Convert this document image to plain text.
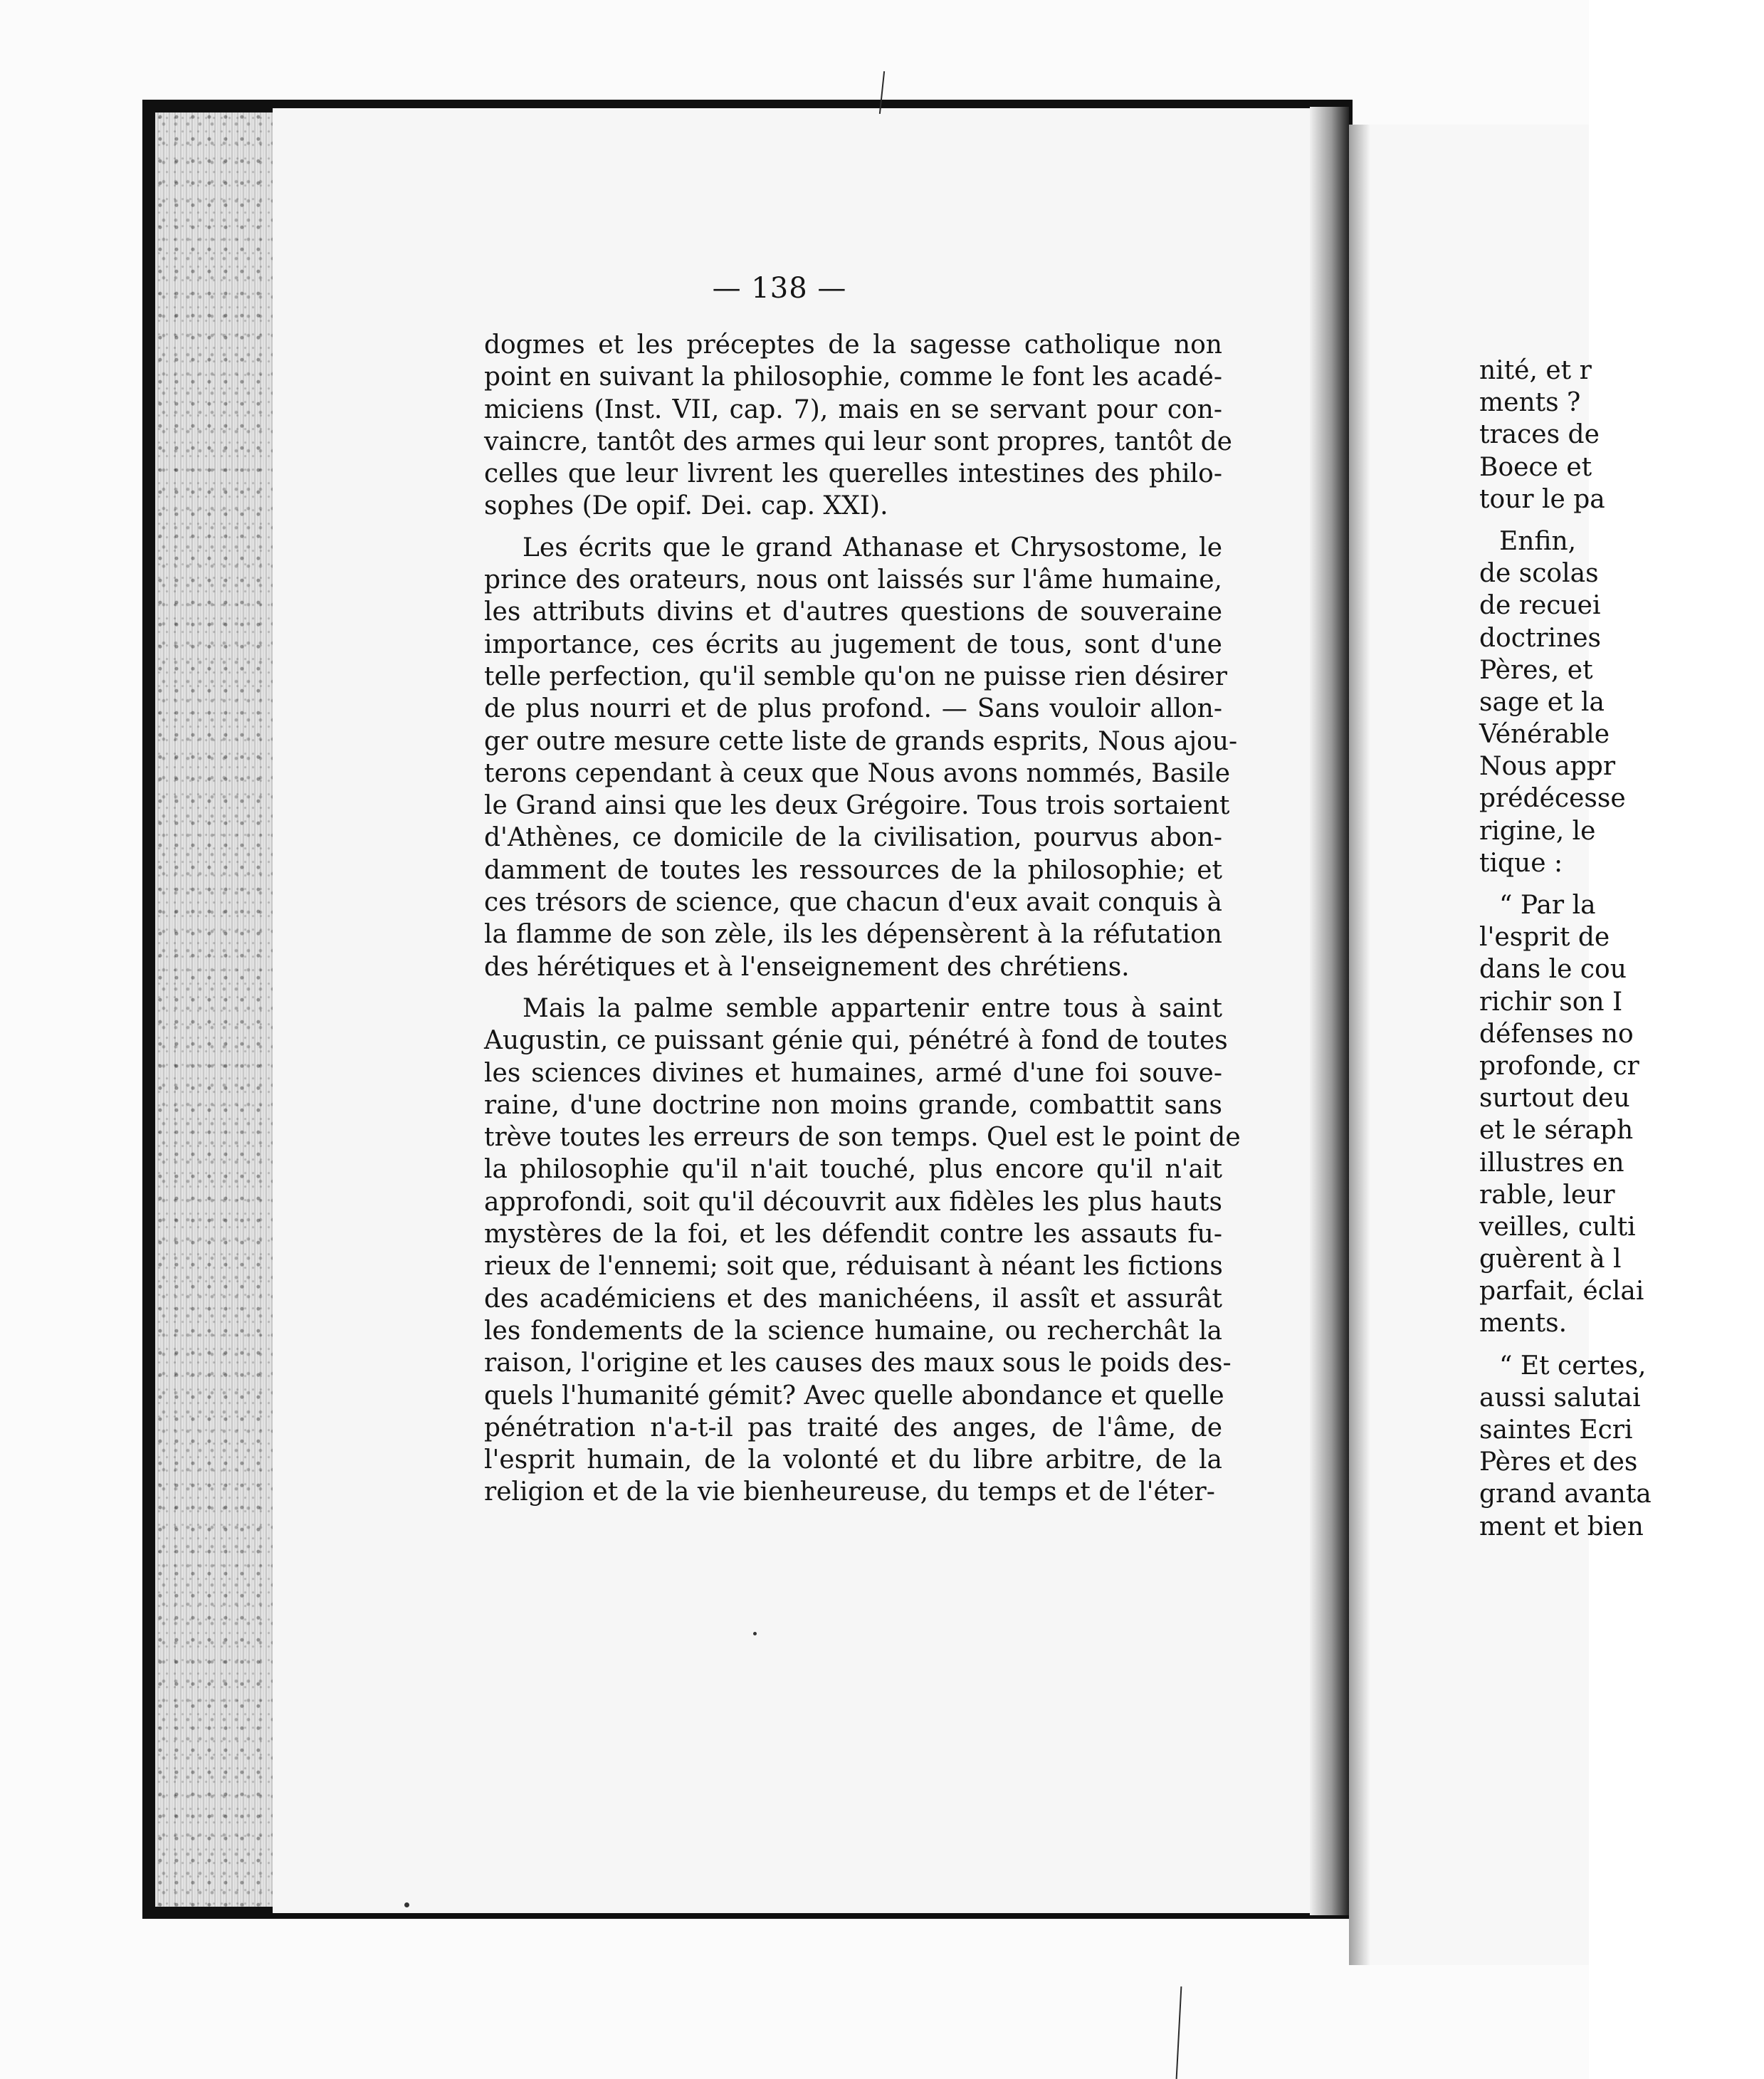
— 138 —
dogmes et les préceptes de la sagesse catholique non
point en suivant la philosophie, comme le font les acadé-
miciens (Inst. VII, cap. 7), mais en se servant pour con-
vaincre, tantôt des armes qui leur sont propres, tantôt de
celles que leur livrent les querelles intestines des philo-
sophes (De opif. Dei. cap. XXI).
Les écrits que le grand Athanase et Chrysostome, le
prince des orateurs, nous ont laissés sur l'âme humaine,
les attributs divins et d'autres questions de souveraine
importance, ces écrits au jugement de tous, sont d'une
telle perfection, qu'il semble qu'on ne puisse rien désirer
de plus nourri et de plus profond. — Sans vouloir allon-
ger outre mesure cette liste de grands esprits, Nous ajou-
terons cependant à ceux que Nous avons nommés, Basile
le Grand ainsi que les deux Grégoire. Tous trois sortaient
d'Athènes, ce domicile de la civilisation, pourvus abon-
damment de toutes les ressources de la philosophie; et
ces trésors de science, que chacun d'eux avait conquis à
la flamme de son zèle, ils les dépensèrent à la réfutation
des hérétiques et à l'enseignement des chrétiens.
Mais la palme semble appartenir entre tous à saint
Augustin, ce puissant génie qui, pénétré à fond de toutes
les sciences divines et humaines, armé d'une foi souve-
raine, d'une doctrine non moins grande, combattit sans
trève toutes les erreurs de son temps. Quel est le point de
la philosophie qu'il n'ait touché, plus encore qu'il n'ait
approfondi, soit qu'il découvrit aux fidèles les plus hauts
mystères de la foi, et les défendit contre les assauts fu-
rieux de l'ennemi; soit que, réduisant à néant les fictions
des académiciens et des manichéens, il assît et assurât
les fondements de la science humaine, ou recherchât la
raison, l'origine et les causes des maux sous le poids des-
quels l'humanité gémit? Avec quelle abondance et quelle
pénétration n'a-t-il pas traité des anges, de l'âme, de
l'esprit humain, de la volonté et du libre arbitre, de la
religion et de la vie bienheureuse, du temps et de l'éter-
nité, et r
ments ?
traces de
Boece et
tour le pa
Enfin,
de scolas
de recuei
doctrines
Pères, et
sage et la
Vénérable
Nous appr
prédécesse
rigine, le
tique :
“ Par la
l'esprit de
dans le cou
richir son I
défenses no
profonde, cr
surtout deu
et le séraph
illustres en
rable, leur
veilles, culti
guèrent à l
parfait, éclai
ments.
“ Et certes,
aussi salutai
saintes Ecri
Pères et des
grand avanta
ment et bien
